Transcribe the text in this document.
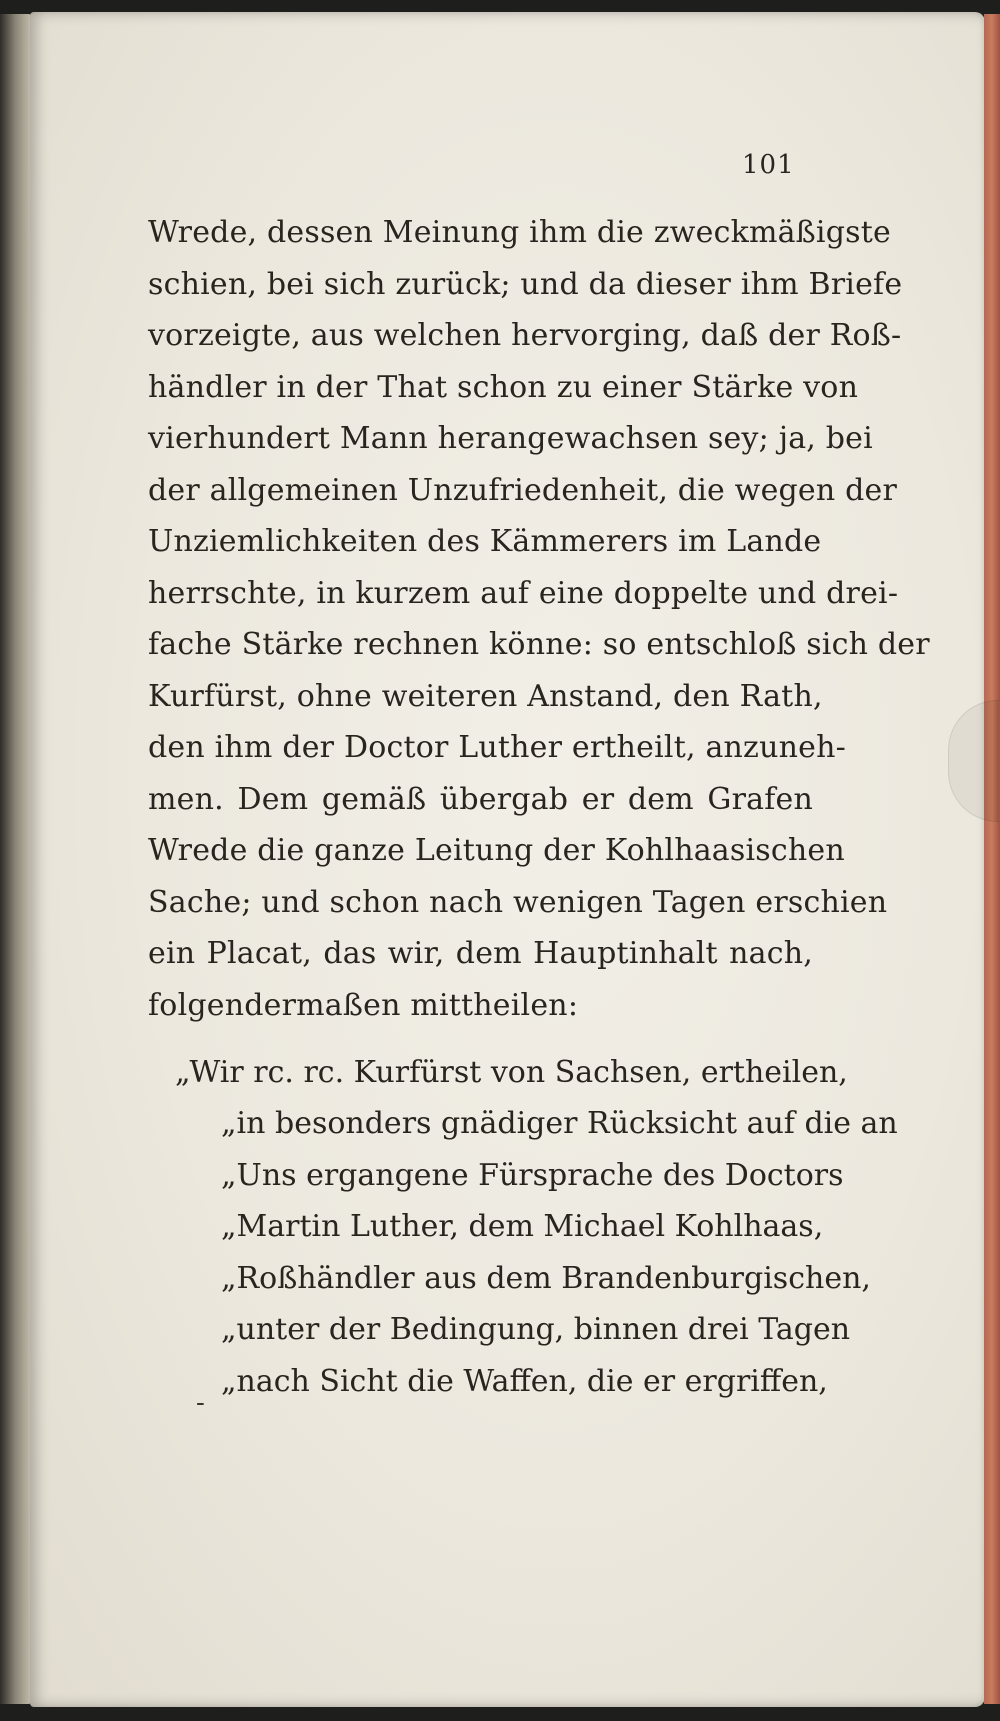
101
Wrede, dessen Meinung ihm die zweckmäßigste
schien, bei sich zurück; und da dieser ihm Briefe
vorzeigte, aus welchen hervorging, daß der Roß-
händler in der That schon zu einer Stärke von
vierhundert Mann herangewachsen sey; ja, bei
der allgemeinen Unzufriedenheit, die wegen der
Unziemlichkeiten des Kämmerers im Lande
herrschte, in kurzem auf eine doppelte und drei-
fache Stärke rechnen könne: so entschloß sich der
Kurfürst, ohne weiteren Anstand, den Rath,
den ihm der Doctor Luther ertheilt, anzuneh-
men. Dem gemäß übergab er dem Grafen
Wrede die ganze Leitung der Kohlhaasischen
Sache; und schon nach wenigen Tagen erschien
ein Placat, das wir, dem Hauptinhalt nach,
folgendermaßen mittheilen:
„Wir rc. rc. Kurfürst von Sachsen, ertheilen,
„in besonders gnädiger Rücksicht auf die an
„Uns ergangene Fürsprache des Doctors
„Martin Luther, dem Michael Kohlhaas,
„Roßhändler aus dem Brandenburgischen,
„unter der Bedingung, binnen drei Tagen
„nach Sicht die Waffen, die er ergriffen,
-
